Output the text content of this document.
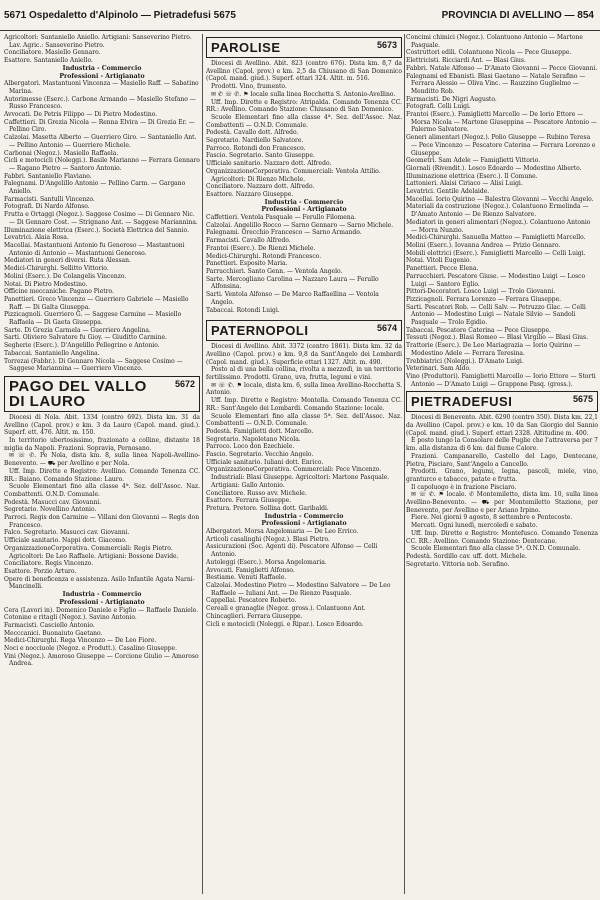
5671 Ospedaletto d'Alpinolo — Pietradefusi 5675	PROVINCIA DI AVELLINO — 854

Agricoltori: Santaniello Aniello. Artigiani: Sanseverino Pietro. Lav. Agric.: Sanseverino Pietro.

Conciliatore. Masiello Gennaro.

Esattore. Santaniello Aniello.

Industria - Commercio

Professioni - Artigianato

Albergatori. Mastantuoni Vincenza — Masiello Raff. — Sabatino Marina.

Autorimesse (Eserc.). Carbone Armando — Masiello Stefano — Russo Francesco.

Avvocati. De Petris Filippo — Di Pietro Modestino.

Caffettieri. Di Grezia Nicola — Renna Elvira — Di Grezia Er. — Pellino Ciro.

Calzolai. Masetta Alberto — Guerriero Giro. — Santaniello Ant. — Pellino Antonio — Guerriero Michele.

Carbonai (Negoz.). Masiello Raffaela.

Cicli e motocicli (Noleggi.). Basile Marianno — Ferrara Gennaro — Ragano Pietro — Santoro Antonio.

Fabbri. Santaniello Flaviano.

Falegnami. D'Angelillo Antonio — Pellino Carm. — Gargano Aniello.

Farmacisti. Santulli Vincenzo.

Fotografi. Di Nardo Alfonso.

Frutta e Ortaggi (Negoz.). Saggese Cosimo — Di Gennaro Nic. — Di Gennaro Cost. — Strignano Ant. — Saggese Mariannina.

Illuminazione elettrica (Eserc.). Società Elettrica del Sannio.

Levatrici. Alaia Rosa.

Macellai. Mastantuoni Antonio fu Generoso — Mastantuoni Antonio di Antonio — Mastantuoni Generoso.

Mediatori in generi diversi. Ruta Alessan.

Medici-Chirurghi. Sellitto Vittorio.

Molini (Eserc.). De Colangelis Vincenzo.

Notai. Di Pietro Modestino.

Officine meccaniche. Pagano Pietro.

Panettieri. Greco Vincenzo — Guerriero Gabriele — Masiello Raff. — Di Galta Giuseppa.

Pizzicagnoli. Guerriero G. — Saggese Carmine — Masiello Raffaela — Di Gaeta Giuseppa.

Sarte. Di Grezia Carmela — Guerriero Angelina.

Sarti. Oliviero Salvatore fu Gioy. — Giuditto Carmine.

Segherie (Eserc.). D'Angelillo Pellegrino e Antonio.

Tabaccai. Santaniello Angelina.

Torrezai (Fabbr.). Di Gennaro Nicola — Saggese Cosimo — Saggese Mariannina — Guerriero Vincenzo.

PAGO DEL VALLO
DI LAURO
5672

Diocesi di Nola. Abit. 1334 (centro 692). Dista km. 31 da Avellino (Capol. prov.) e km. 3 da Lauro (Capol. mand. giud.). Superf. ett. 476. Altit. m. 150.

In territorio ubertosissimo, frazionato a colline, distante 18 miglia da Napoli. Frazioni. Sopravia, Pernosano.

✉ ☏ ✆. Pe Nola, dista km. 8, sulla linea Napoli-Avellino-Benevento. — ⛟ per Avellino e per Nola.

Uff. Imp. Dirette e Registro: Avellino. Comando Tenenza CC. RR.: Baiano. Comando Stazione: Lauro.

Scuole Elementari fino alla classe 4ª. Sez. dell'Assoc. Naz. Combattenti. O.N.D. Comunale.

Podestà. Masucci cav. Giovanni.

Segretario. Novellino Antonio.

Parroci. Regis don Carmine — Villani don Giovanni — Regis don Francesco.

Falco. Segretario. Masucci cav. Giovanni.

Ufficiale sanitario. Nappi dott. Giacomo.

OrganizzazioneCorporativa. Commerciali: Regis Pietro. Agricoltori: De Leo Raffaele. Artigiani: Bossone Davide.

Conciliatore. Regis Vincenzo.

Esattore. Porzio Arturo.

Opere di beneficenza e assistenza. Asilo Infantile Agata Narni-Mancinelli.

Industria - Commercio

Professioni - Artigianato

Cera (Lavori in). Domenico Daniele e Figlio — Raffaele Daniele.

Cotonine e ritagli (Negoz.). Savino Antonio.

Farmacisti. Casciello Antonio.

Mecccanici. Buonaiuto Gaetano.

Medici-Chirurghi. Rega Vincenzo — De Leo Fiore.

Noci e nocciuole (Negoz. e Produtt.). Casalino Giuseppe.

Vini (Negoz.). Amoroso Giuseppe — Corcione Giulio — Amoroso Andrea.

PAROLISE	5673

Diocesi di Avellino. Abit. 823 (centro 676). Dista km. 8,7 da Avellino (Capol. prov.) e km. 2,5 da Chiusano di San Domenico (Capol. mand. giud.). Superf. ettari 324. Altit. m. 516.

Prodotti. Vino, frumento.

✉ ✆ ☏ ✆. ⚑ locale sulla linea Rocchetta S. Antonio-Avellino.

Uff. Imp. Dirette e Registro: Atripalda. Comando Tenenza CC. RR.: Avellino. Comando Stazione: Chiusano di San Domenico.

Scuole Elementari fino alla classe 4ª. Sez. dell'Assoc. Naz. Combattenti — O.N.D. Comunale.

Podestà. Cavallo dott. Alfredo.

Segretario. Nardiello Salvatore.

Parroco. Rotondi don Francesco.

Fascio. Segretario. Santo Giuseppe.

Ufficiale sanitario. Nazzaro dott. Alfredo.

OrganizzazioneCorporativa. Commerciali: Ventola Attilio. Agricoltori: Di Rienzo Michele.

Conciliatore. Nazzaro dott. Alfredo.

Esattore. Nazzaro Giuseppe.

Industria - Commercio

Professioni - Artigianato

Caffettieri. Ventola Pasquale — Ferullo Filomena.

Calzolai. Angelillo Rocco — Sarno Gennaro — Sarno Michele.

Falegnami. Orecchio Francesco — Sarno Armando.

Farmacisti. Cavallo Alfredo.

Frantoi (Eserc.). De Rienzi Michele.

Medici-Chirurghi. Rotondi Francesco.

Panettieri. Esposito Maria.

Parrucchieri. Santo Genn. — Ventola Angelo.

Sarte. Mercogliano Carolina — Nazzaro Laura — Ferullo Alfonsina.

Sarti. Ventola Alfonso — De Marco Raffaellina — Ventola Angelo.

Tabaccai. Rotondi Luigi.

PATERNOPOLI	5674

Diocesi di Avellino. Abit. 3372 (centro 1861). Dista km. 32 da Avellino (Capol. prov.) e km. 9,8 da Sant'Angelo dei Lombardi (Capol. mand. giud.). Superficie ettari 1327. Altit. m. 490.

Posto al di una bella collina, rivolta a mezzodì, in un territorio fertilissimo. Prodotti. Grano, uva, frutta, legumi e vini.

✉ ☏ ✆. ⚑ locale, dista km. 6, sulla linea Avellino-Rocchetta S. Antonio.

Uff. Imp. Dirette e Registro: Montella. Comando Tenenza CC. RR.: Sant'Angelo dei Lombardi. Comando Stazione: locale.

Scuole Elementari fino alla classe 5ª. Sez. dell'Assoc. Naz. Combattenti — O.N.D. Comunale.

Podestà. Famiglietti dott. Marcello.

Segretario. Napoletano Nicola.

Parroco. Loco don Ezechiele.

Fascio. Segretario. Vecchio Angelo.

Ufficiale sanitario. Iuliani dott. Enrico.

OrganizzazioneCorporativa. Commerciali: Pece Vincenzo. Industriali: Blasi Giuseppe. Agricoltori: Martone Pasquale. Artigiani: Gallo Antonio.

Conciliatore. Russo avv. Michele.

Esattore. Ferrara Giuseppe.

Pretura. Pretore. Sollina dott. Garibaldi.

Industria - Commercio

Professioni - Artigianato

Albergatori. Morsa Angelomaria — De Leo Errico.

Articoli casalinghi (Negoz.). Blasi Pietro.

Assicurazioni (Soc. Agenti di). Pescatore Alfonso — Celli Antonio.

Autoleggi (Eserc.). Morsa Angelomaria.

Avvocati. Famiglietti Alfonso.

Bestiame. Venuti Raffaele.

Calzolai. Modestino Pietro — Modestino Salvatore — De Leo Raffaele — Iuliani Ant. — De Rienzo Pasquale.

Cappellai. Pescatore Roberto.

Cereali e granaglie (Negoz. gross.). Colantuono Ant.

Chincaglieri. Ferrara Giuseppe.

Cicli e motocicli (Noleggi. e Ripar.). Losco Edoardo.

Concimi chimici (Negoz.). Colantuono Antonio — Martone Pasquale.

Costruttori edili. Colantuono Nicola — Pece Giuseppe.

Elettricisti. Ricciardi Ant. — Blasi Gius.

Fabbri. Natale Alfonso — D'Amato Giovanni — Pecce Giovanni.

Falegnami ed Ebanisti. Blasi Gaetano — Natale Serafino — Ferrara Alessio — Oliva Vinc. — Rauzzino Guglielmo — Menditto Rob.

Farmacisti. De Nigri Augusto.

Fotografi. Celli Luigi.

Frantoi (Eserc.). Famiglietti Marcello — De Iorio Ettore — Morsa Nicola — Martone Giuseppina — Pescatore Antonio — Palermo Salvatore.

Generi alimentari (Negoz.). Polio Giuseppe — Rubino Teresa — Pece Vincenzo — Pescatore Caterina — Ferrara Lorenzo e Giuseppe.

Geometri. Sam Adele — Famiglietti Vittorio.

Giornali (Rivendit.). Losco Edoardo — Modestino Alberto.

Illuminazione elettrica (Eserc.). Il Comune.

Lattonieri. Alaisi Ciriaco — Alisi Luigi.

Levatrici. Gentile Adelaide.

Macellai. Iorio Quirino — Balestra Giovanni — Vecchi Angelo.

Materiali da costruzione (Negoz.). Colantuono Ermelinda — D'Amato Antonio — De Rienzo Salvatore.

Mediatori in generi alimentari (Negoz.). Colantuono Antonio — Morra Nunzio.

Medici-Chirurghi. Sanuella Matteo — Famiglietti Marcello.

Molini (Eserc.). Iovanna Andrea — Prizio Gennaro.

Mobili elettrici (Eserc.). Famiglietti Marcello — Celli Luigi.

Notai. Vitoli Eugenio.

Panettieri. Pecce Elena.

Parrucchieri. Pescatore Giuse. — Modestino Luigi — Losco Luigi — Santoro Eglio.

Pittori-Decoratori. Losco Luigi — Trolo Giovanni.

Pizzicagnoli. Ferrara Lorenzo — Ferrara Giuseppe.

Sarti. Pescatori Rob. — Celli Salv. — Petruzzo Glac. — Celli Antonio — Modestino Luigi — Natale Silvio — Sandoli Pasquale — Trolo Egidio.

Tabaccai. Pescatore Caterina — Pece Giuseppe.

Tessuti (Negoz.). Blasi Romeo — Blasi Virgilio — Blasi Gius.

Trattorie (Eserc.). De Leo Mariagrazia — Iorio Quirino — Modestino Adele — Ferrara Teresina.

Trebbiatrici (Noleggi.). D'Amato Luigi.

Veterinari. Sam Aldo.

Vino (Produttori). Famiglietti Marcello — Iorio Ettore — Storti Antonio — D'Amato Luigi — Grappone Pasq. (gross.).

PIETRADEFUSI	5675

Diocesi di Benevento. Abit. 6290 (centro 350). Dista km. 22,1 da Avellino (Capol. prov.) e km. 10 da San Giorgio del Sannio (Capol. mand. giud.). Superf. ettari 2328. Altitudine m. 400.

È posto lungo la Consolare delle Puglie che l'attraversa per 7 km. alla distanza di 6 km. dal fiume Calore.

Frazioni. Campanarello, Castello del Lago, Dentecane, Pietra, Pisciaro, Sant'Angelo a Cancello.

Prodotti. Grano, legumi, legna, pascoli, miele, vino, granturco e tabacco, patate e frutta.

Il capoluogo è in frazione Pisciaro.

✉ ☏ ✆. ⚑ locale. ✆ Montemiletto, dista km. 10, sulla linea Avellino-Benevento. — ⛟ per Montemiletto Stazione, per Benevento, per Avellino e per Ariano Irpino.

Fiere. Nei giorni 9 agosto, 8 settembre e Pentecoste.

Mercati. Ogni lunedì, mercoledì e sabato.

Uff. Imp. Dirette e Registro: Montefusco. Comando Tenenza CC. RR.: Avellino. Comando Stazione: Dentecane.

Scuole Elementari fino alla classe 5ª. O.N.D. Comunale.

Podestà. Sordillo cav. uff. dott. Michele.

Segretario. Vittoria nob. Serafino.
